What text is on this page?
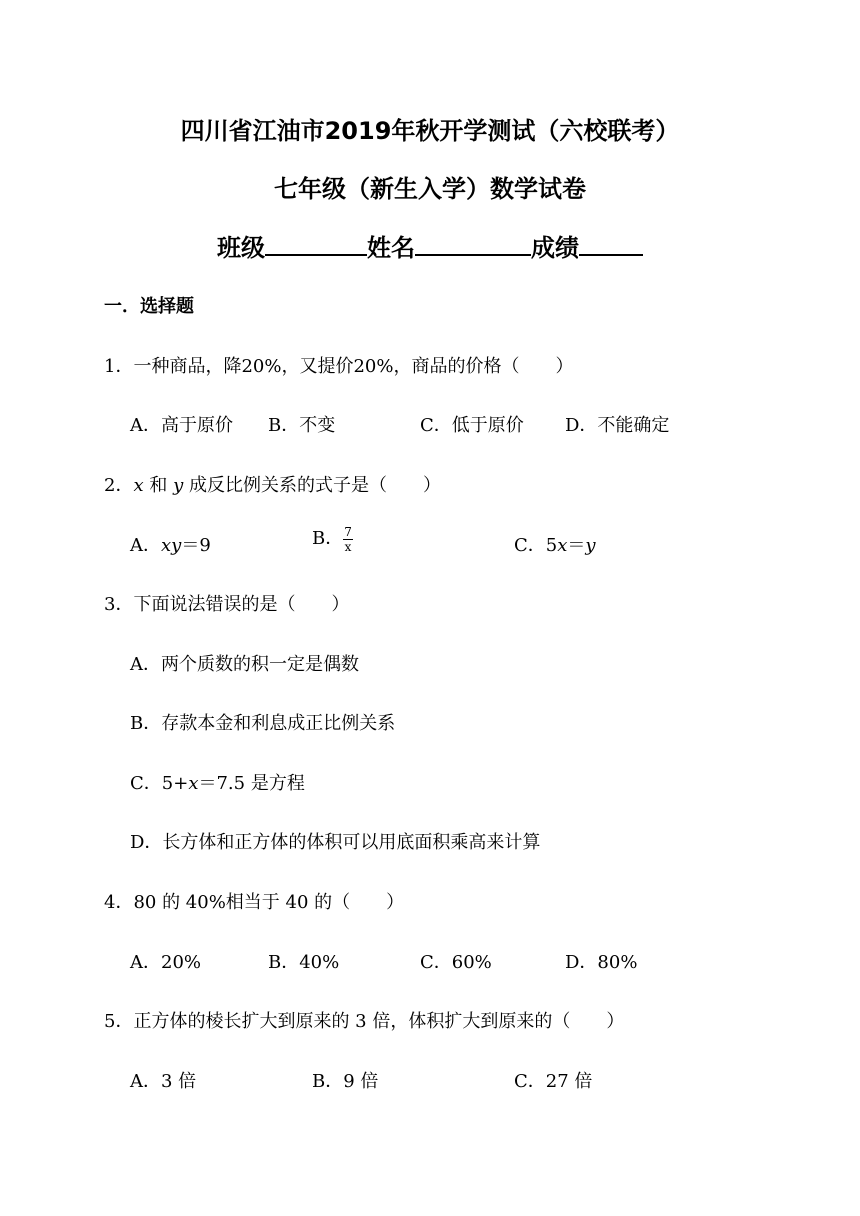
四川省江油市2019年秋开学测试（六校联考）
七年级（新生入学）数学试卷
班级	姓名	成绩
一．选择题
1．一种商品，降20%，又提价20%，商品的价格（　　）
A．高于原价 B．不变	C．低于原价 D．不能确定
2．x 和 y 成反比例关系的式子是（　　）
A．xy＝9	B． $\frac{7}{x}$	C．5x＝y
3．下面说法错误的是（　　）
A．两个质数的积一定是偶数
B．存款本金和利息成正比例关系
C．5+x＝7.5 是方程
D．长方体和正方体的体积可以用底面积乘高来计算
4．80 的 40%相当于 40 的（　　）
A．20%	B．40%	C．60%	D．80%
5．正方体的棱长扩大到原来的 3 倍，体积扩大到原来的（　　）
A．3 倍	B．9 倍	C．27 倍
